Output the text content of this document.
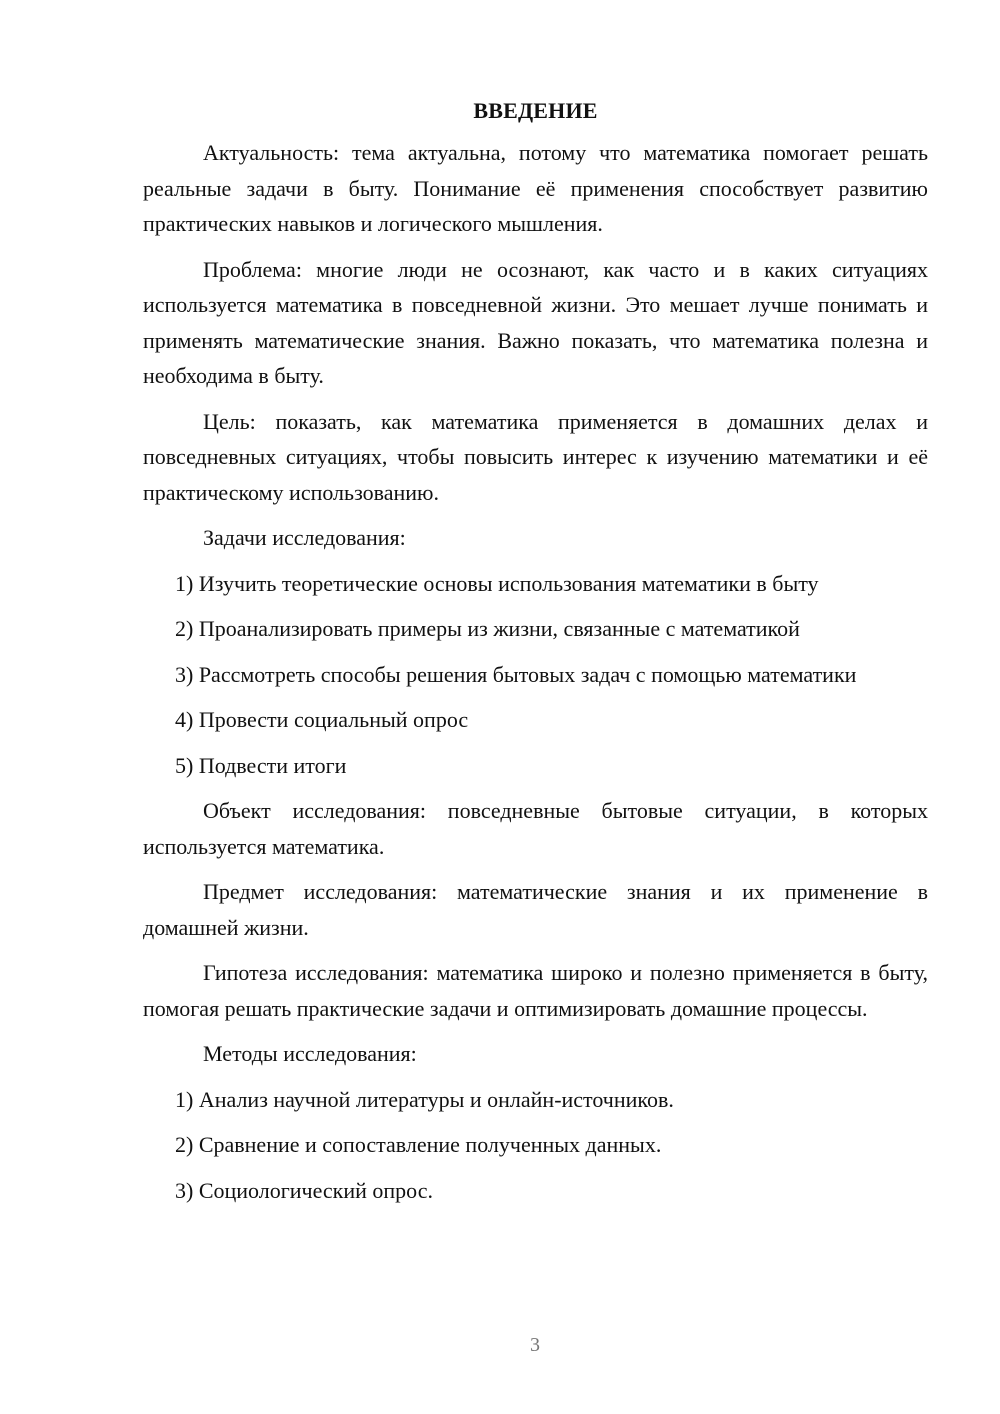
ВВЕДЕНИЕ

Актуальность: тема актуальна, потому что математика помогает решать реальные задачи в быту. Понимание её применения способствует развитию практических навыков и логического мышления.

Проблема: многие люди не осознают, как часто и в каких ситуациях используется математика в повседневной жизни. Это мешает лучше понимать и применять математические знания. Важно показать, что математика полезна и необходима в быту.

Цель: показать, как математика применяется в домашних делах и повседневных ситуациях, чтобы повысить интерес к изучению математики и её практическому использованию.

Задачи исследования:

1) Изучить теоретические основы использования математики в быту

2) Проанализировать примеры из жизни, связанные с математикой

3) Рассмотреть способы решения бытовых задач с помощью математики

4) Провести социальный опрос

5) Подвести итоги

Объект исследования: повседневные бытовые ситуации, в которых используется математика.

Предмет исследования: математические знания и их применение в домашней жизни.

Гипотеза исследования: математика широко и полезно применяется в быту, помогая решать практические задачи и оптимизировать домашние процессы.

Методы исследования:

1) Анализ научной литературы и онлайн-источников.

2) Сравнение и сопоставление полученных данных.

3) Социологический опрос.

3
